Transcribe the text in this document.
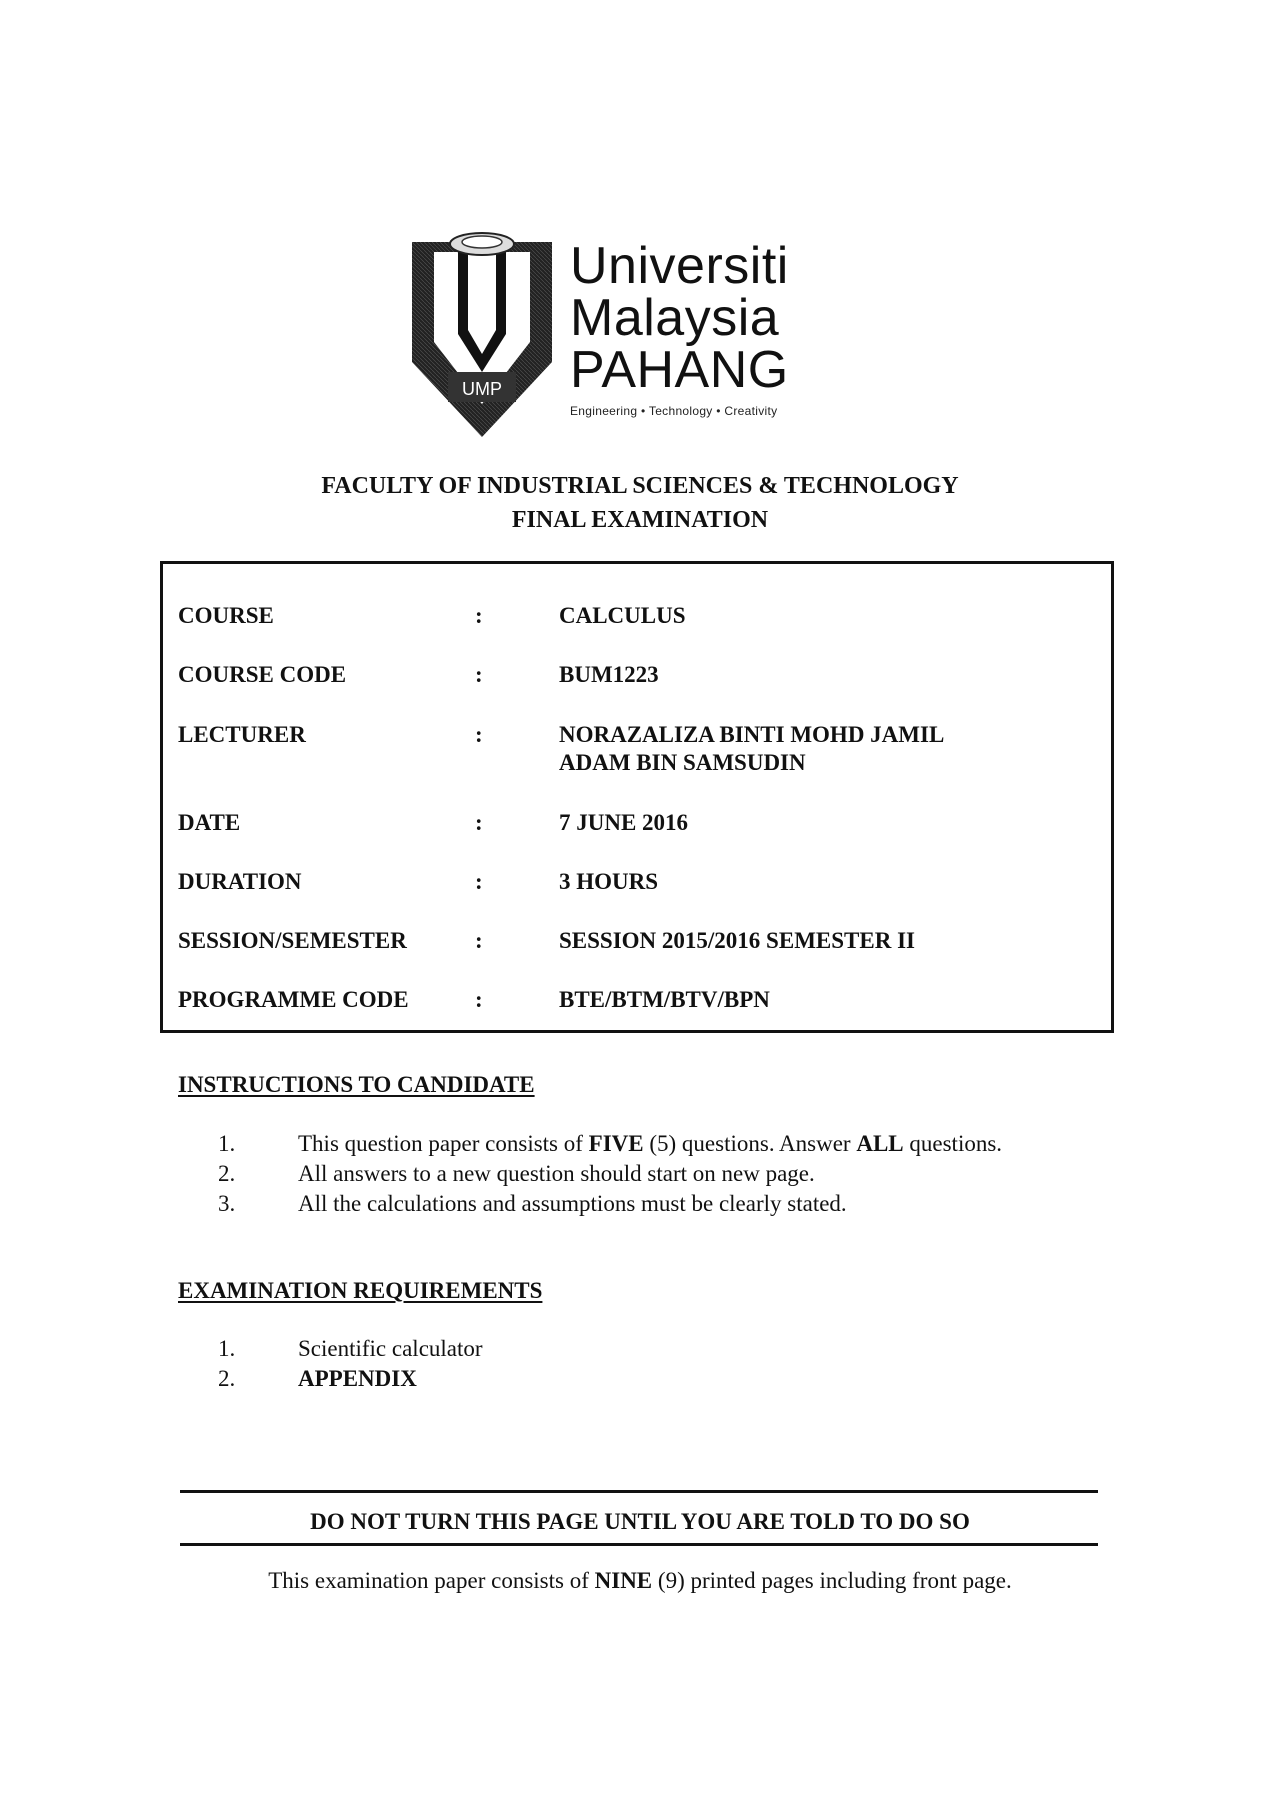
UMP
Universiti
Malaysia
PAHANG
Engineering • Technology • Creativity
FACULTY OF INDUSTRIAL SCIENCES & TECHNOLOGY
FINAL EXAMINATION
COURSE	:	CALCULUS
COURSE CODE	:	BUM1223
LECTURER	:	NORAZALIZA BINTI MOHD JAMIL
ADAM BIN SAMSUDIN
DATE	:	7 JUNE 2016
DURATION	:	3 HOURS
SESSION/SEMESTER	:	SESSION 2015/2016 SEMESTER II
PROGRAMME CODE	:	BTE/BTM/BTV/BPN
INSTRUCTIONS TO CANDIDATE
1.	This question paper consists of FIVE (5) questions. Answer ALL questions.
2.	All answers to a new question should start on new page.
3.	All the calculations and assumptions must be clearly stated.
EXAMINATION REQUIREMENTS
1.	Scientific calculator
2.	APPENDIX
DO NOT TURN THIS PAGE UNTIL YOU ARE TOLD TO DO SO
This examination paper consists of NINE (9) printed pages including front page.
